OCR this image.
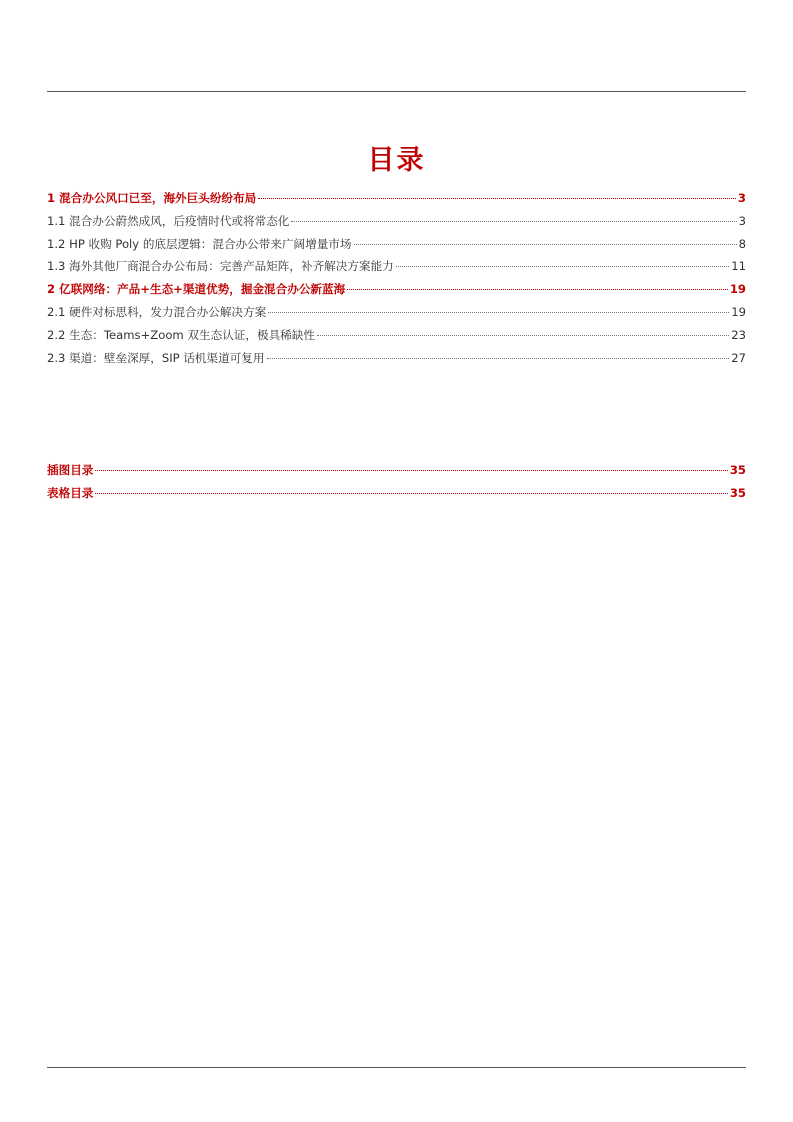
目录
1 混合办公风口已至，海外巨头纷纷布局	3
1.1 混合办公蔚然成风，后疫情时代或将常态化	3
1.2 HP 收购 Poly 的底层逻辑：混合办公带来广阔增量市场	8
1.3 海外其他厂商混合办公布局：完善产品矩阵，补齐解决方案能力	11
2 亿联网络：产品+生态+渠道优势，掘金混合办公新蓝海	19
2.1 硬件对标思科，发力混合办公解决方案	19
2.2 生态：Teams+Zoom 双生态认证，极具稀缺性	23
2.3 渠道：壁垒深厚，SIP 话机渠道可复用	27
插图目录	35
表格目录	35
